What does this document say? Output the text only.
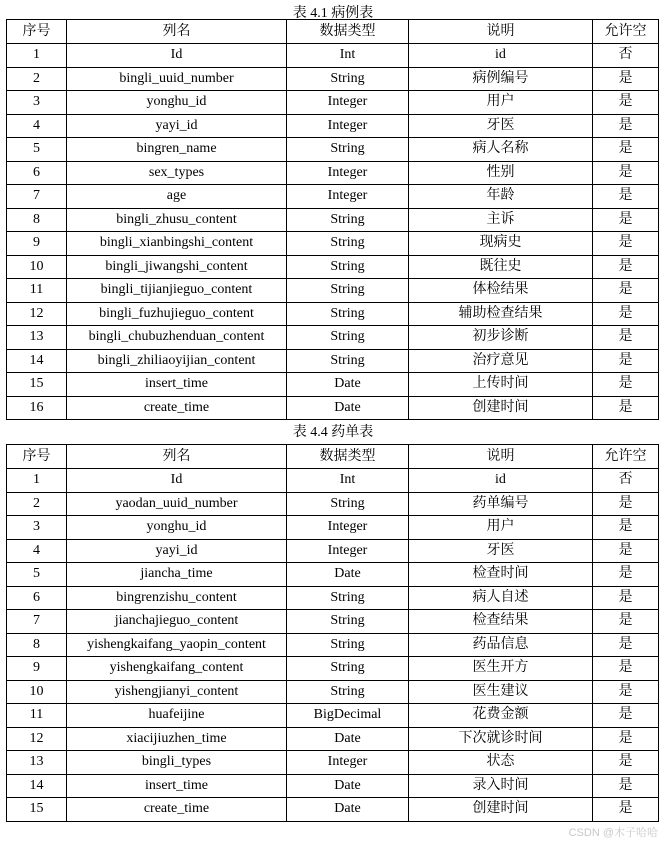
表 4.1 病例表
序号	列名	数据类型	说明	允许空
1	Id	Int	id	否
2	bingli_uuid_number	String	病例编号	是
3	yonghu_id	Integer	用户	是
4	yayi_id	Integer	牙医	是
5	bingren_name	String	病人名称	是
6	sex_types	Integer	性别	是
7	age	Integer	年龄	是
8	bingli_zhusu_content	String	主诉	是
9	bingli_xianbingshi_content	String	现病史	是
10	bingli_jiwangshi_content	String	既往史	是
11	bingli_tijianjieguo_content	String	体检结果	是
12	bingli_fuzhujieguo_content	String	辅助检查结果	是
13	bingli_chubuzhenduan_content	String	初步诊断	是
14	bingli_zhiliaoyijian_content	String	治疗意见	是
15	insert_time	Date	上传时间	是
16	create_time	Date	创建时间	是
表 4.4 药单表
序号	列名	数据类型	说明	允许空
1	Id	Int	id	否
2	yaodan_uuid_number	String	药单编号	是
3	yonghu_id	Integer	用户	是
4	yayi_id	Integer	牙医	是
5	jiancha_time	Date	检查时间	是
6	bingrenzishu_content	String	病人自述	是
7	jianchajieguo_content	String	检查结果	是
8	yishengkaifang_yaopin_content	String	药品信息	是
9	yishengkaifang_content	String	医生开方	是
10	yishengjianyi_content	String	医生建议	是
11	huafeijine	BigDecimal	花费金额	是
12	xiacijiuzhen_time	Date	下次就诊时间	是
13	bingli_types	Integer	状态	是
14	insert_time	Date	录入时间	是
15	create_time	Date	创建时间	是
CSDN @木子哈哈
